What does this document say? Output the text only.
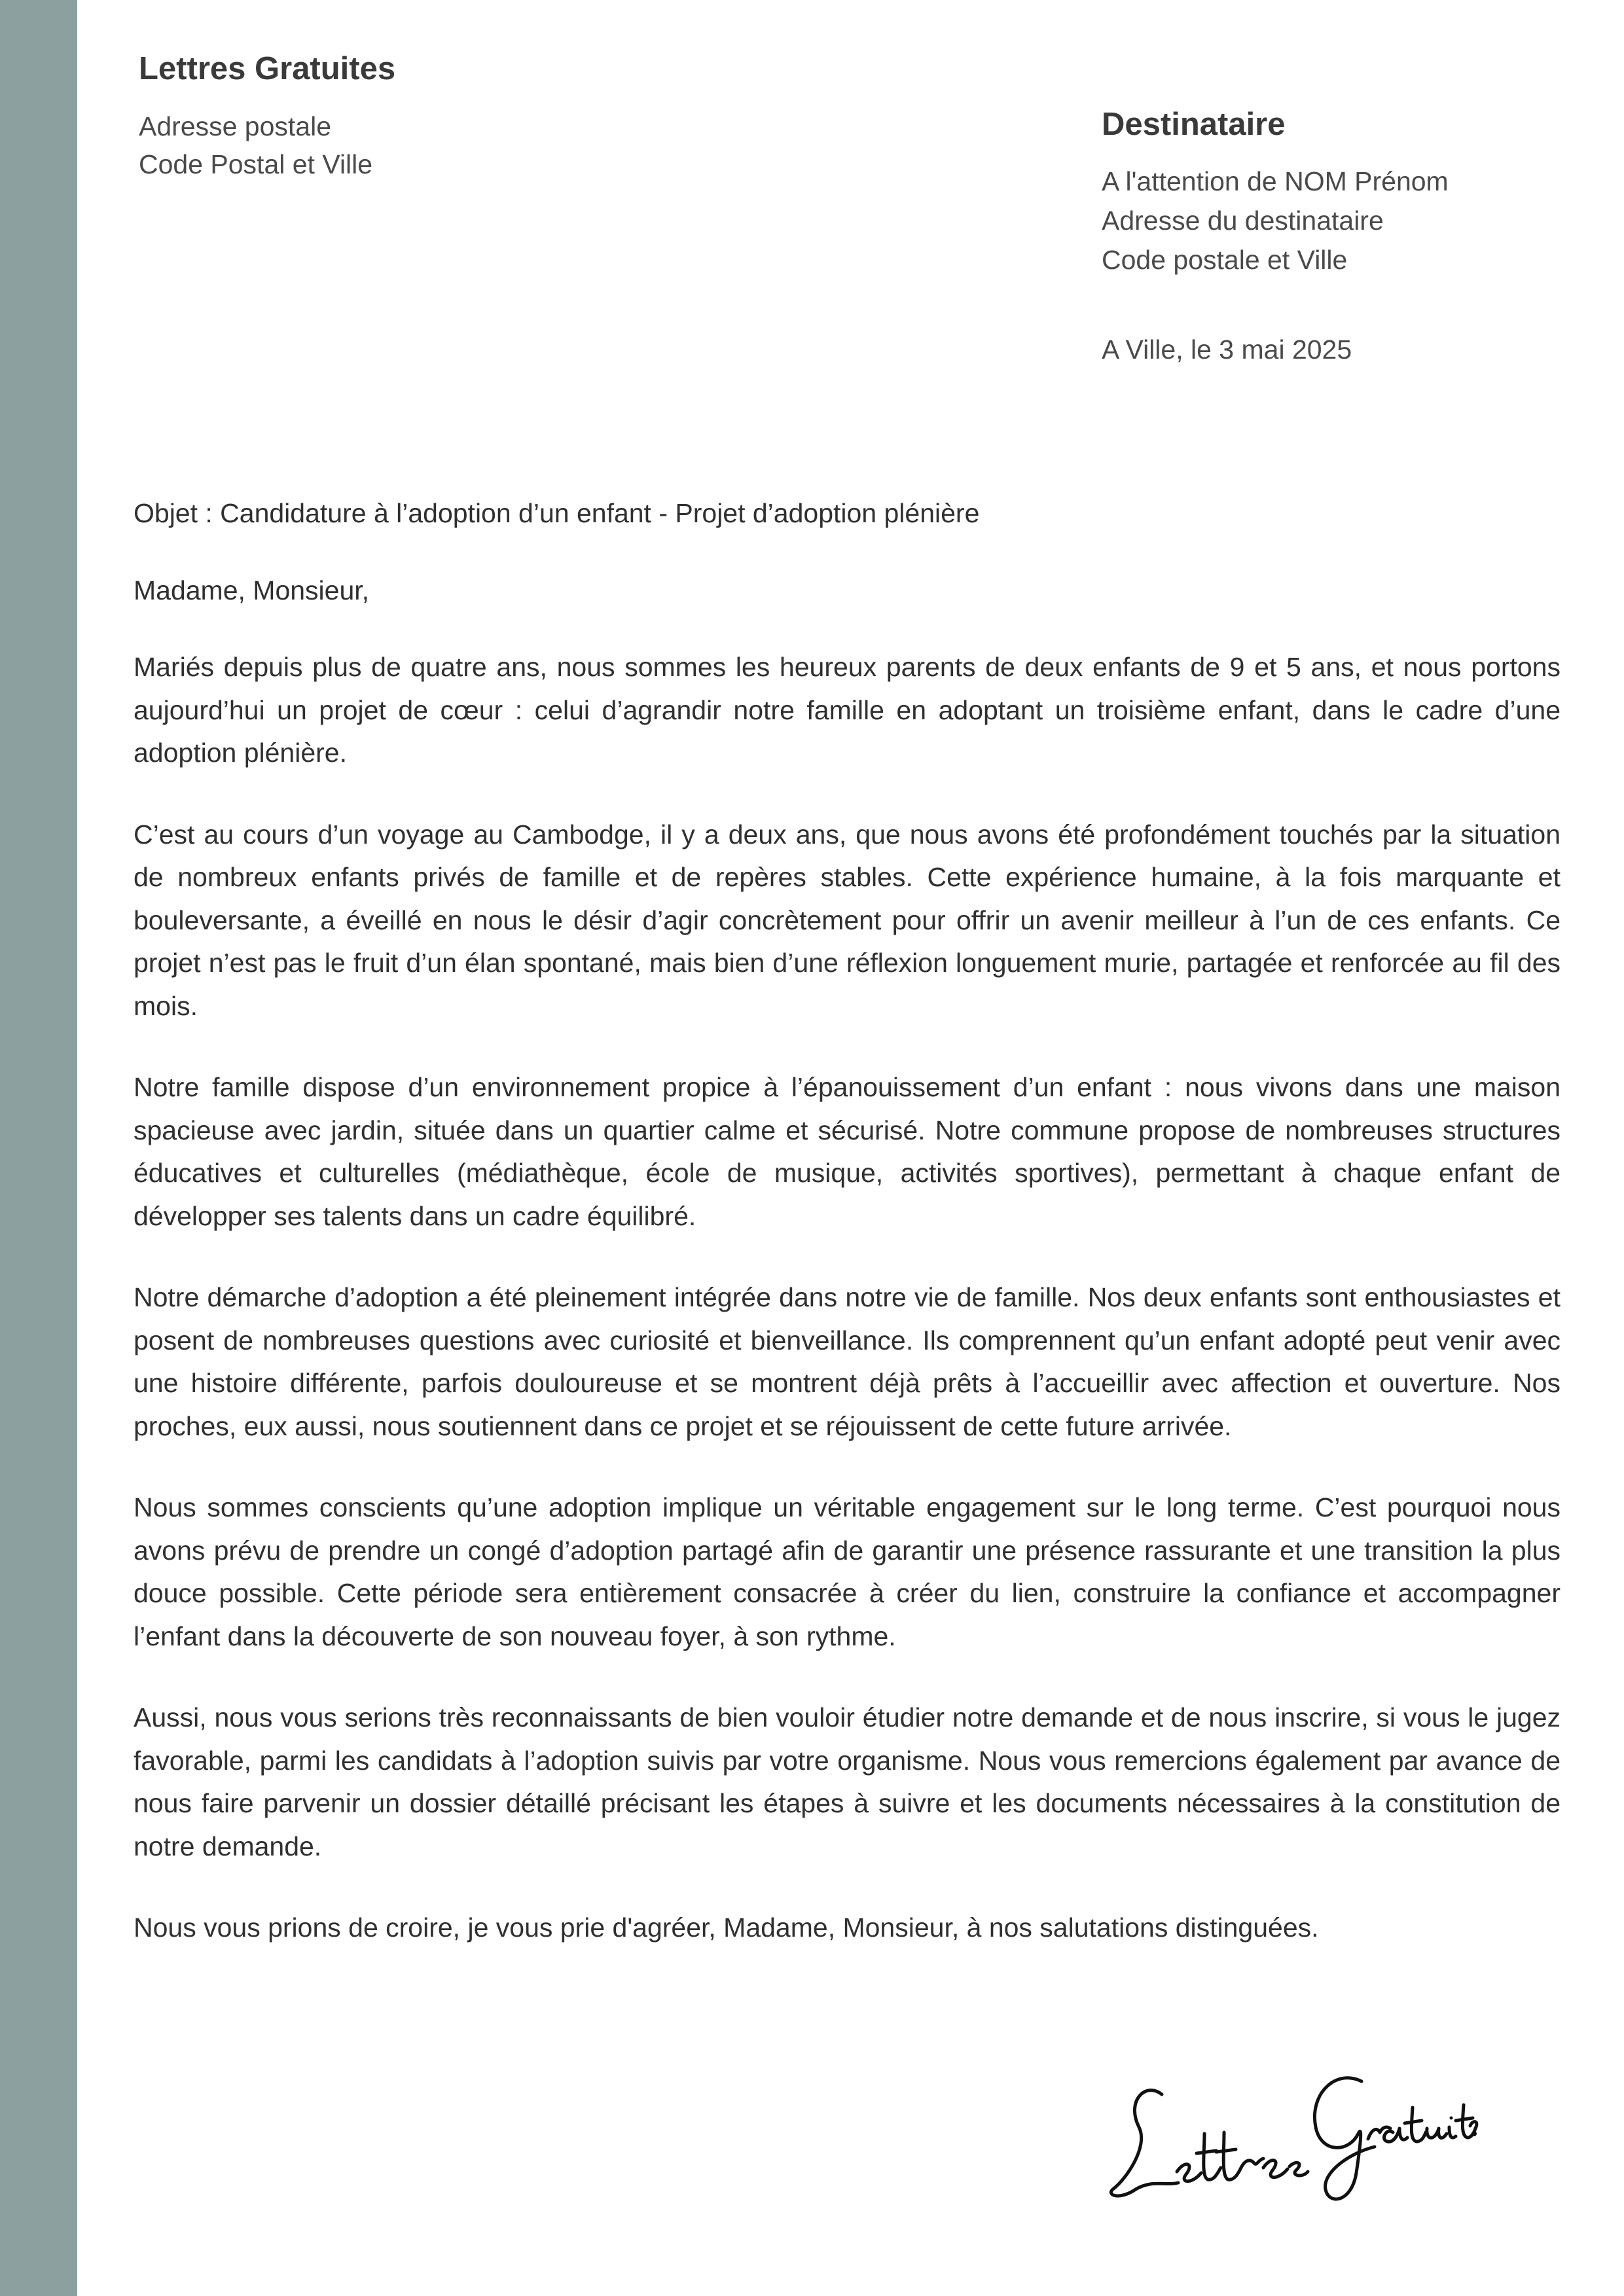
Lettres Gratuites
Adresse postale
Code Postal et Ville
Destinataire
A l'attention de NOM Prénom
Adresse du destinataire
Code postale et Ville
A Ville, le 3 mai 2025

Objet : Candidature à l’adoption d’un enfant - Projet d’adoption plénière

Madame, Monsieur,

Mariés depuis plus de quatre ans, nous sommes les heureux parents de deux enfants de 9 et 5 ans, et nous portons aujourd’hui un projet de cœur : celui d’agrandir notre famille en adoptant un troisième enfant, dans le cadre d’une adoption plénière.

C’est au cours d’un voyage au Cambodge, il y a deux ans, que nous avons été profondément touchés par la situation de nombreux enfants privés de famille et de repères stables. Cette expérience humaine, à la fois marquante et bouleversante, a éveillé en nous le désir d’agir concrètement pour offrir un avenir meilleur à l’un de ces enfants. Ce projet n’est pas le fruit d’un élan spontané, mais bien d’une réflexion longuement murie, partagée et renforcée au fil des mois.

Notre famille dispose d’un environnement propice à l’épanouissement d’un enfant : nous vivons dans une maison spacieuse avec jardin, située dans un quartier calme et sécurisé. Notre commune propose de nombreuses structures éducatives et culturelles (médiathèque, école de musique, activités sportives), permettant à chaque enfant de développer ses talents dans un cadre équilibré.

Notre démarche d’adoption a été pleinement intégrée dans notre vie de famille. Nos deux enfants sont enthousiastes et posent de nombreuses questions avec curiosité et bienveillance. Ils comprennent qu’un enfant adopté peut venir avec une histoire différente, parfois douloureuse et se montrent déjà prêts à l’accueillir avec affection et ouverture. Nos proches, eux aussi, nous soutiennent dans ce projet et se réjouissent de cette future arrivée.

Nous sommes conscients qu’une adoption implique un véritable engagement sur le long terme. C’est pourquoi nous avons prévu de prendre un congé d’adoption partagé afin de garantir une présence rassurante et une transition la plus douce possible. Cette période sera entièrement consacrée à créer du lien, construire la confiance et accompagner l’enfant dans la découverte de son nouveau foyer, à son rythme.

Aussi, nous vous serions très reconnaissants de bien vouloir étudier notre demande et de nous inscrire, si vous le jugez favorable, parmi les candidats à l’adoption suivis par votre organisme. Nous vous remercions également par avance de nous faire parvenir un dossier détaillé précisant les étapes à suivre et les documents nécessaires à la constitution de notre demande.

Nous vous prions de croire, je vous prie d'agréer, Madame, Monsieur, à nos salutations distinguées.
